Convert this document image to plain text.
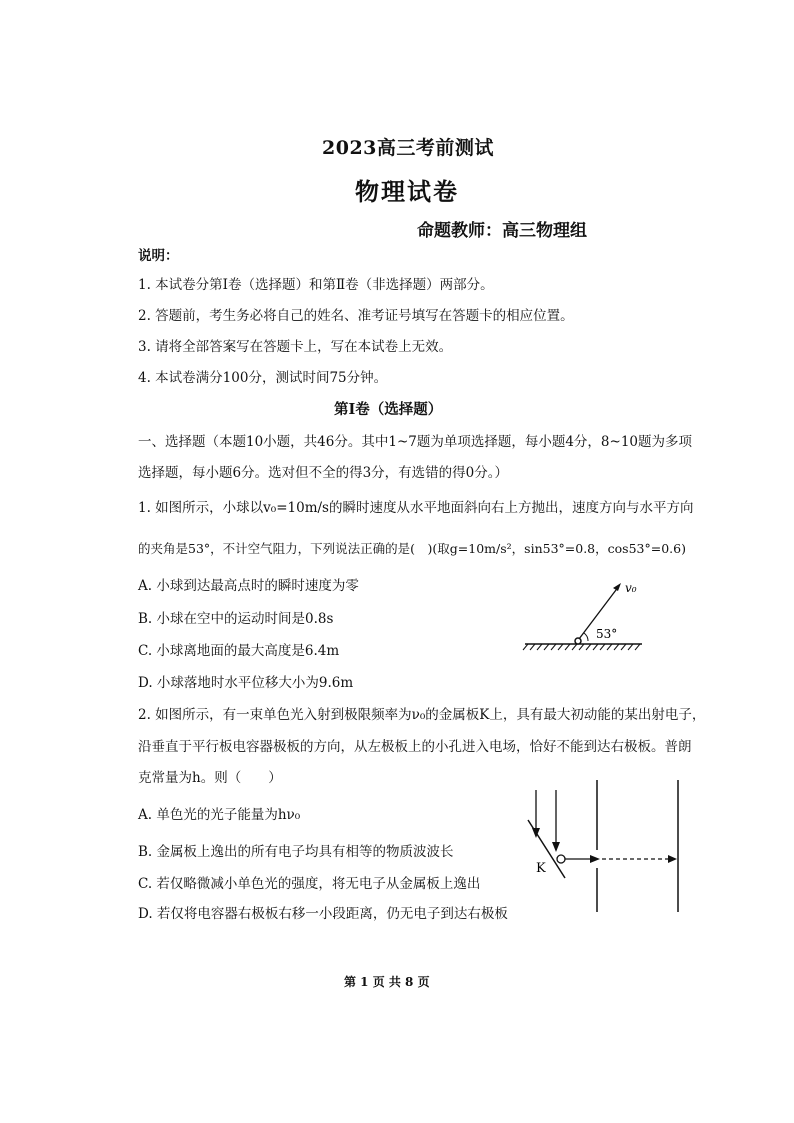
2023高三考前测试
物理试卷
命题教师：高三物理组
说明：
1. 本试卷分第Ⅰ卷（选择题）和第Ⅱ卷（非选择题）两部分。
2. 答题前，考生务必将自己的姓名、准考证号填写在答题卡的相应位置。
3. 请将全部答案写在答题卡上，写在本试卷上无效。
4. 本试卷满分100分，测试时间75分钟。
第Ⅰ卷（选择题）
一、选择题（本题10小题，共46分。其中1~7题为单项选择题，每小题4分，8~10题为多项
选择题，每小题6分。选对但不全的得3分，有选错的得0分。）
1. 如图所示，小球以v₀=10m/s的瞬时速度从水平地面斜向右上方抛出，速度方向与水平方向
的夹角是53°，不计空气阻力，下列说法正确的是(　)(取g=10m/s²，sin53°=0.8，cos53°=0.6)
A. 小球到达最高点时的瞬时速度为零
B. 小球在空中的运动时间是0.8s
C. 小球离地面的最大高度是6.4m
D. 小球落地时水平位移大小为9.6m
v₀
53°
2. 如图所示，有一束单色光入射到极限频率为ν₀的金属板K上，具有最大初动能的某出射电子，
沿垂直于平行板电容器极板的方向，从左极板上的小孔进入电场，恰好不能到达右极板。普朗
克常量为h。则（　　）
A. 单色光的光子能量为hν₀
B. 金属板上逸出的所有电子均具有相等的物质波波长
C. 若仅略微减小单色光的强度，将无电子从金属板上逸出
D. 若仅将电容器右极板右移一小段距离，仍无电子到达右极板
K
第 1 页 共 8 页
